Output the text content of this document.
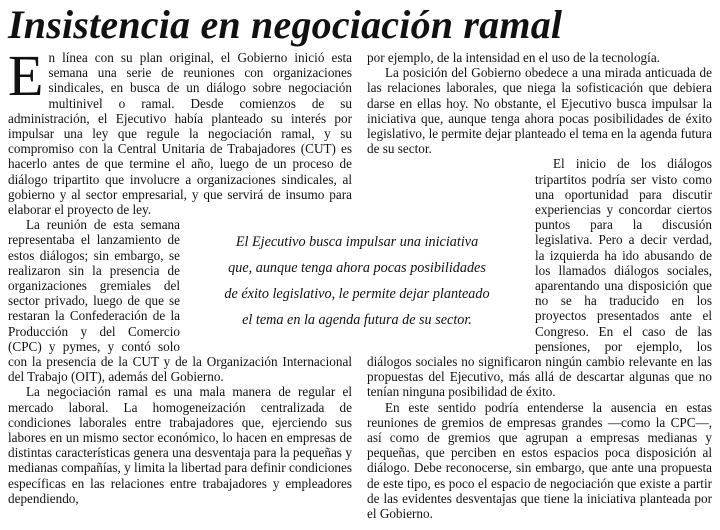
Insistencia en negociación ramal

E n línea con su plan original, el Gobierno inició esta semana una serie de reuniones con organizaciones sindicales, en busca de un diálogo sobre negociación multinivel o ramal. Desde comienzos de su administración, el Ejecutivo había planteado su interés por impulsar una ley que regule la negociación ramal, y su compromiso con la Central Unitaria de Trabajadores (CUT) es hacerlo antes de que termine el año, luego de un proceso de diálogo tripartito que involucre a organizaciones sindicales, al gobierno y al sector empresarial, y que servirá de insumo para elaborar el proyecto de ley.

La reunión de esta semana representaba el lanzamiento de estos diálogos; sin embargo, se realizaron sin la presencia de organizaciones gremiales del sector privado, luego de que se restaran la Confederación de la Producción y del Comercio (CPC) y pymes, y contó solo con la presencia de la CUT y de la Organización Internacional del Trabajo (OIT), además del Gobierno.

La negociación ramal es una mala manera de regular el mercado laboral. La homogeneización centralizada de condiciones laborales entre trabajadores que, ejerciendo sus labores en un mismo sector económico, lo hacen en empresas de distintas características genera una desventaja para la pequeñas y medianas compañías, y limita la libertad para definir condiciones específicas en las relaciones entre trabajadores y empleadores dependiendo,

por ejemplo, de la intensidad en el uso de la tecnología.

La posición del Gobierno obedece a una mirada anticuada de las relaciones laborales, que niega la sofisticación que debiera darse en ellas hoy. No obstante, el Ejecutivo busca impulsar la iniciativa que, aunque tenga ahora pocas posibilidades de éxito legislativo, le permite dejar planteado el tema en la agenda futura de su sector.

El inicio de los diálogos tripartitos podría ser visto como una oportunidad para discutir experiencias y concordar ciertos puntos para la discusión legislativa. Pero a decir verdad, la izquierda ha ido abusando de los llamados diálogos sociales, aparentando una disposición que no se ha traducido en los proyectos presentados ante el Congreso. En el caso de las pensiones, por ejemplo, los diálogos sociales no significaron ningún cambio relevante en las propuestas del Ejecutivo, más allá de descartar algunas que no tenían ninguna posibilidad de éxito.

En este sentido podría entenderse la ausencia en estas reuniones de gremios de empresas grandes —como la CPC—, así como de gremios que agrupan a empresas medianas y pequeñas, que perciben en estos espacios poca disposición al diálogo. Debe reconocerse, sin embargo, que ante una propuesta de este tipo, es poco el espacio de negociación que existe a partir de las evidentes desventajas que tiene la iniciativa planteada por el Gobierno.

El Ejecutivo busca impulsar una iniciativa
que, aunque tenga ahora pocas posibilidades
de éxito legislativo, le permite dejar planteado
el tema en la agenda futura de su sector.
